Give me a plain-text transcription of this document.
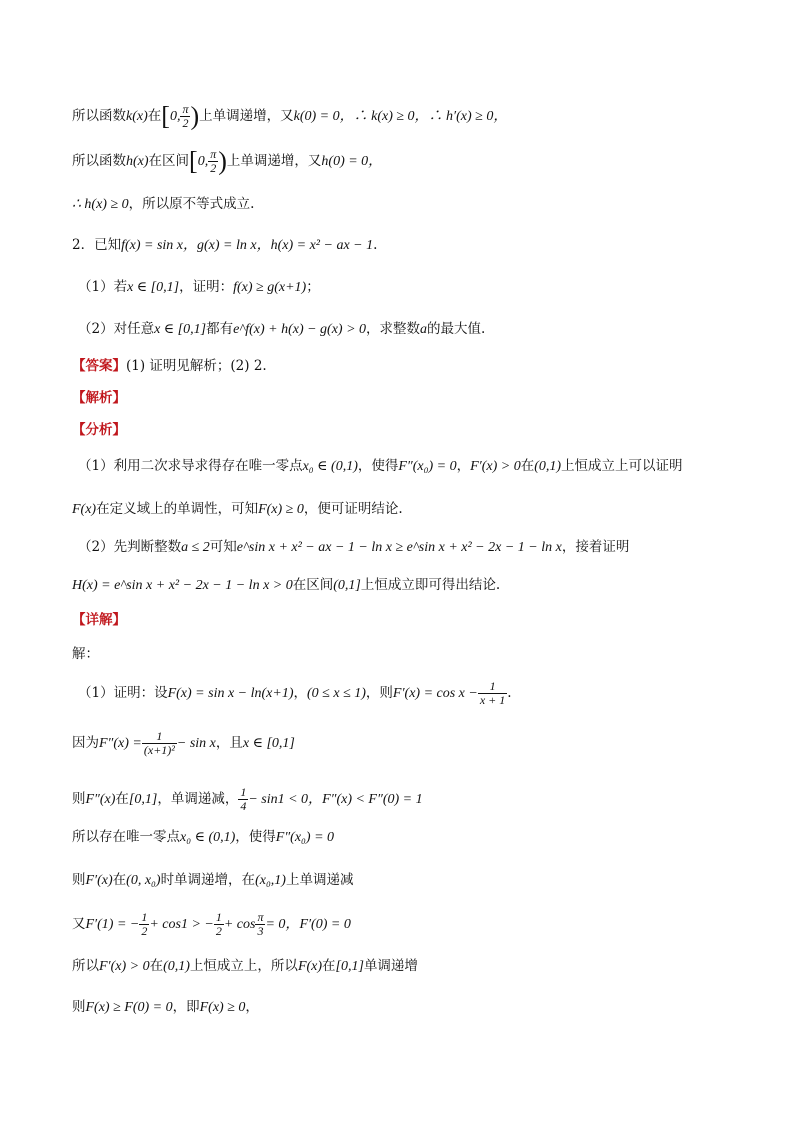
所以函数k(x)在[0, $\frac{\pi}{2}$ )上单调递增，又k(0) = 0，∴ k(x) ≥ 0，∴ h′(x) ≥ 0，
所以函数h(x)在区间[0, $\frac{\pi}{2}$ )上单调递增，又h(0) = 0，
∴ h(x) ≥ 0，所以原不等式成立.
2．已知f(x) = sin x，g(x) = ln x，h(x) = x² − ax − 1.
（1）若x ∈ [0,1]，证明：f(x) ≥ g(x+1)；
（2）对任意x ∈ [0,1]都有e^f(x) + h(x) − g(x) > 0，求整数a的最大值.
【答案】(1) 证明见解析；(2) 2.
【解析】
【分析】
（1）利用二次求导求得存在唯一零点x₀ ∈ (0,1)，使得F″(x₀) = 0，F′(x) > 0在(0,1)上恒成立上可以证明
F(x)在定义域上的单调性，可知F(x) ≥ 0，便可证明结论.
（2）先判断整数a ≤ 2可知e^sin x + x² − ax − 1 − ln x ≥ e^sin x + x² − 2x − 1 − ln x，接着证明
H(x) = e^sin x + x² − 2x − 1 − ln x > 0在区间(0,1]上恒成立即可得出结论.
【详解】
解：
（1）证明：设F(x) = sin x − ln(x+1)，(0 ≤ x ≤ 1)，则$F'(x) = \cos x - \frac{1}{x + 1}$ .
因为$F''(x) = \frac{1}{\text{(x+1)²}} - \sin x$，且x ∈ [0,1]
则F″(x)在[0,1]，单调递减， $\frac{1}{4} - \sin 1 < 0$，F″(x) < F″(0) = 1
所以存在唯一零点x₀ ∈ (0,1)，使得F″(x₀) = 0
则F′(x)在(0, x₀)时单调递增，在(x₀,1)上单调递减
又F′(1) = − $\frac{1}{2} + \cos 1$ > − $\frac{1}{2} + \cos \frac{\pi}{3} = 0$，F′(0) = 0
所以F′(x) > 0在(0,1)上恒成立上，所以F(x)在[0,1]单调递增
则F(x) ≥ F(0) = 0，即F(x) ≥ 0，
